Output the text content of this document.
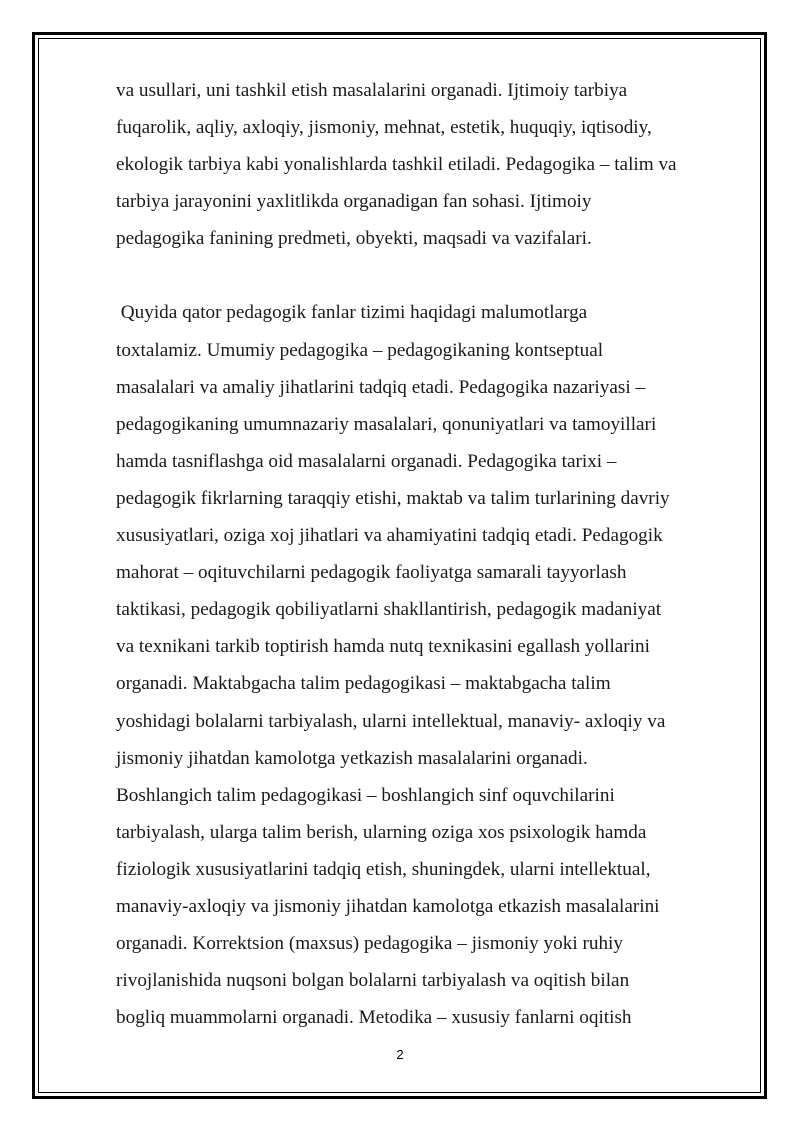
va usullari, uni tashkil etish masalalarini organadi. Ijtimoiy tarbiya
fuqarolik, aqliy, axloqiy, jismoniy, mehnat, estetik, huquqiy, iqtisodiy,
ekologik tarbiya kabi yonalishlarda tashkil etiladi. Pedagogika – talim va
tarbiya jarayonini yaxlitlikda organadigan fan sohasi. Ijtimoiy
pedagogika fanining predmeti, obyekti, maqsadi va vazifalari.

Quyida qator pedagogik fanlar tizimi haqidagi malumotlarga
toxtalamiz. Umumiy pedagogika – pedagogikaning kontseptual
masalalari va amaliy jihatlarini tadqiq etadi. Pedagogika nazariyasi –
pedagogikaning umumnazariy masalalari, qonuniyatlari va tamoyillari
hamda tasniflashga oid masalalarni organadi. Pedagogika tarixi –
pedagogik fikrlarning taraqqiy etishi, maktab va talim turlarining davriy
xususiyatlari, oziga xoj jihatlari va ahamiyatini tadqiq etadi. Pedagogik
mahorat – oqituvchilarni pedagogik faoliyatga samarali tayyorlash
taktikasi, pedagogik qobiliyatlarni shakllantirish, pedagogik madaniyat
va texnikani tarkib toptirish hamda nutq texnikasini egallash yollarini
organadi. Maktabgacha talim pedagogikasi – maktabgacha talim
yoshidagi bolalarni tarbiyalash, ularni intellektual, manaviy- axloqiy va
jismoniy jihatdan kamolotga yetkazish masalalarini organadi.
Boshlangich talim pedagogikasi – boshlangich sinf oquvchilarini
tarbiyalash, ularga talim berish, ularning oziga xos psixologik hamda
fiziologik xususiyatlarini tadqiq etish, shuningdek, ularni intellektual,
manaviy-axloqiy va jismoniy jihatdan kamolotga etkazish masalalarini
organadi. Korrektsion (maxsus) pedagogika – jismoniy yoki ruhiy
rivojlanishida nuqsoni bolgan bolalarni tarbiyalash va oqitish bilan
bogliq muammolarni organadi. Metodika – xususiy fanlarni oqitish

2
